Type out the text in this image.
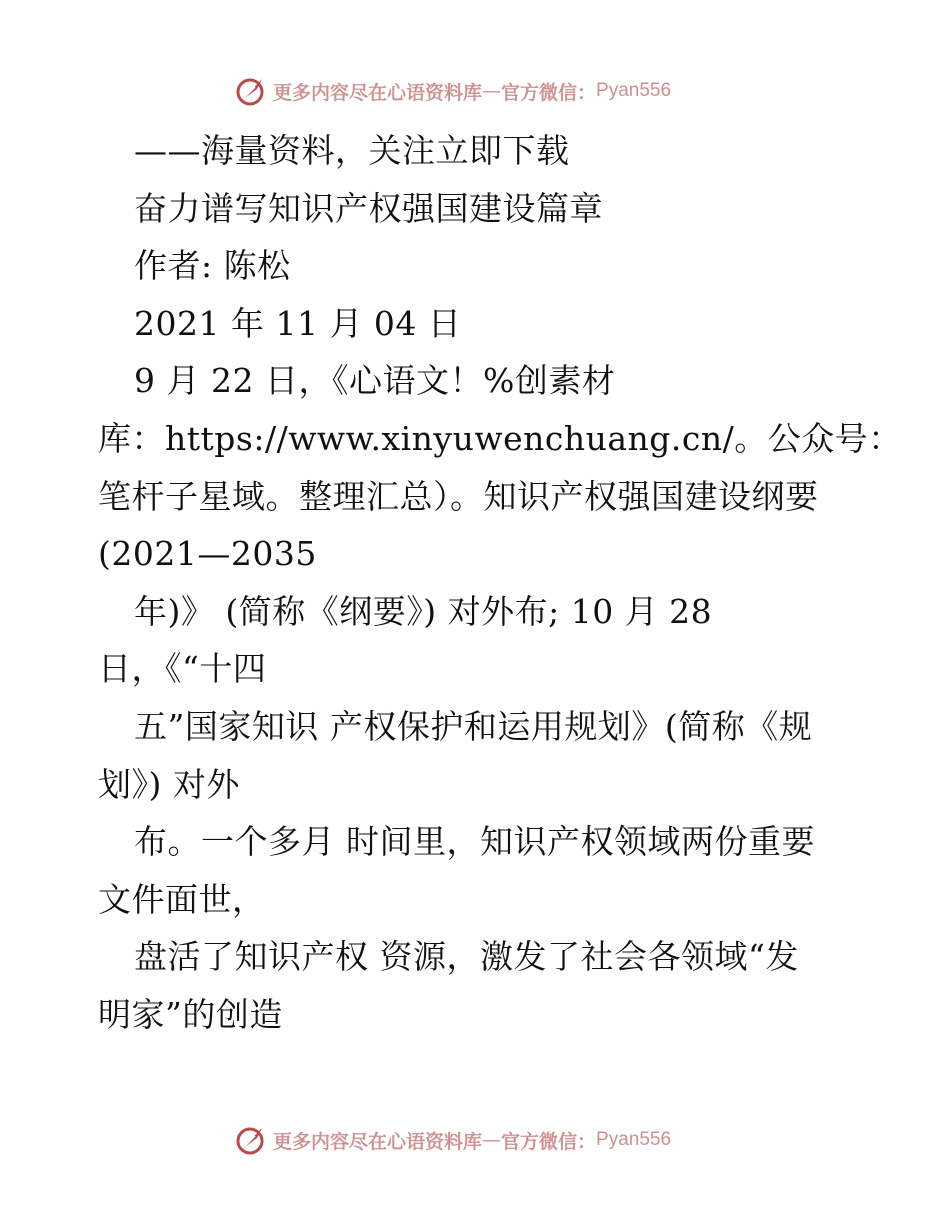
更多内容尽在心语资料库 — 官方微信： Pyan556
——海量资料，关注立即下载
奋力谱写知识产权强国建设篇章
作者: 陈松
2021 年 11 月 04 日
9 月 22 日，《心语文！%创素材
库：https://www.xinyuwenchuang.cn/。公众号：
笔杆子星域。整理汇总）。知识产权强国建设纲要
(2021—2035
年)》 (简称《纲要》) 对外布; 10 月 28
日，《“十四
五”国家知识 产权保护和运用规划》(简称《规
划》) 对外
布。一个多月 时间里，知识产权领域两份重要
文件面世，
盘活了知识产权 资源，激发了社会各领域“发
明家”的创造
更多内容尽在心语资料库 — 官方微信： Pyan556
